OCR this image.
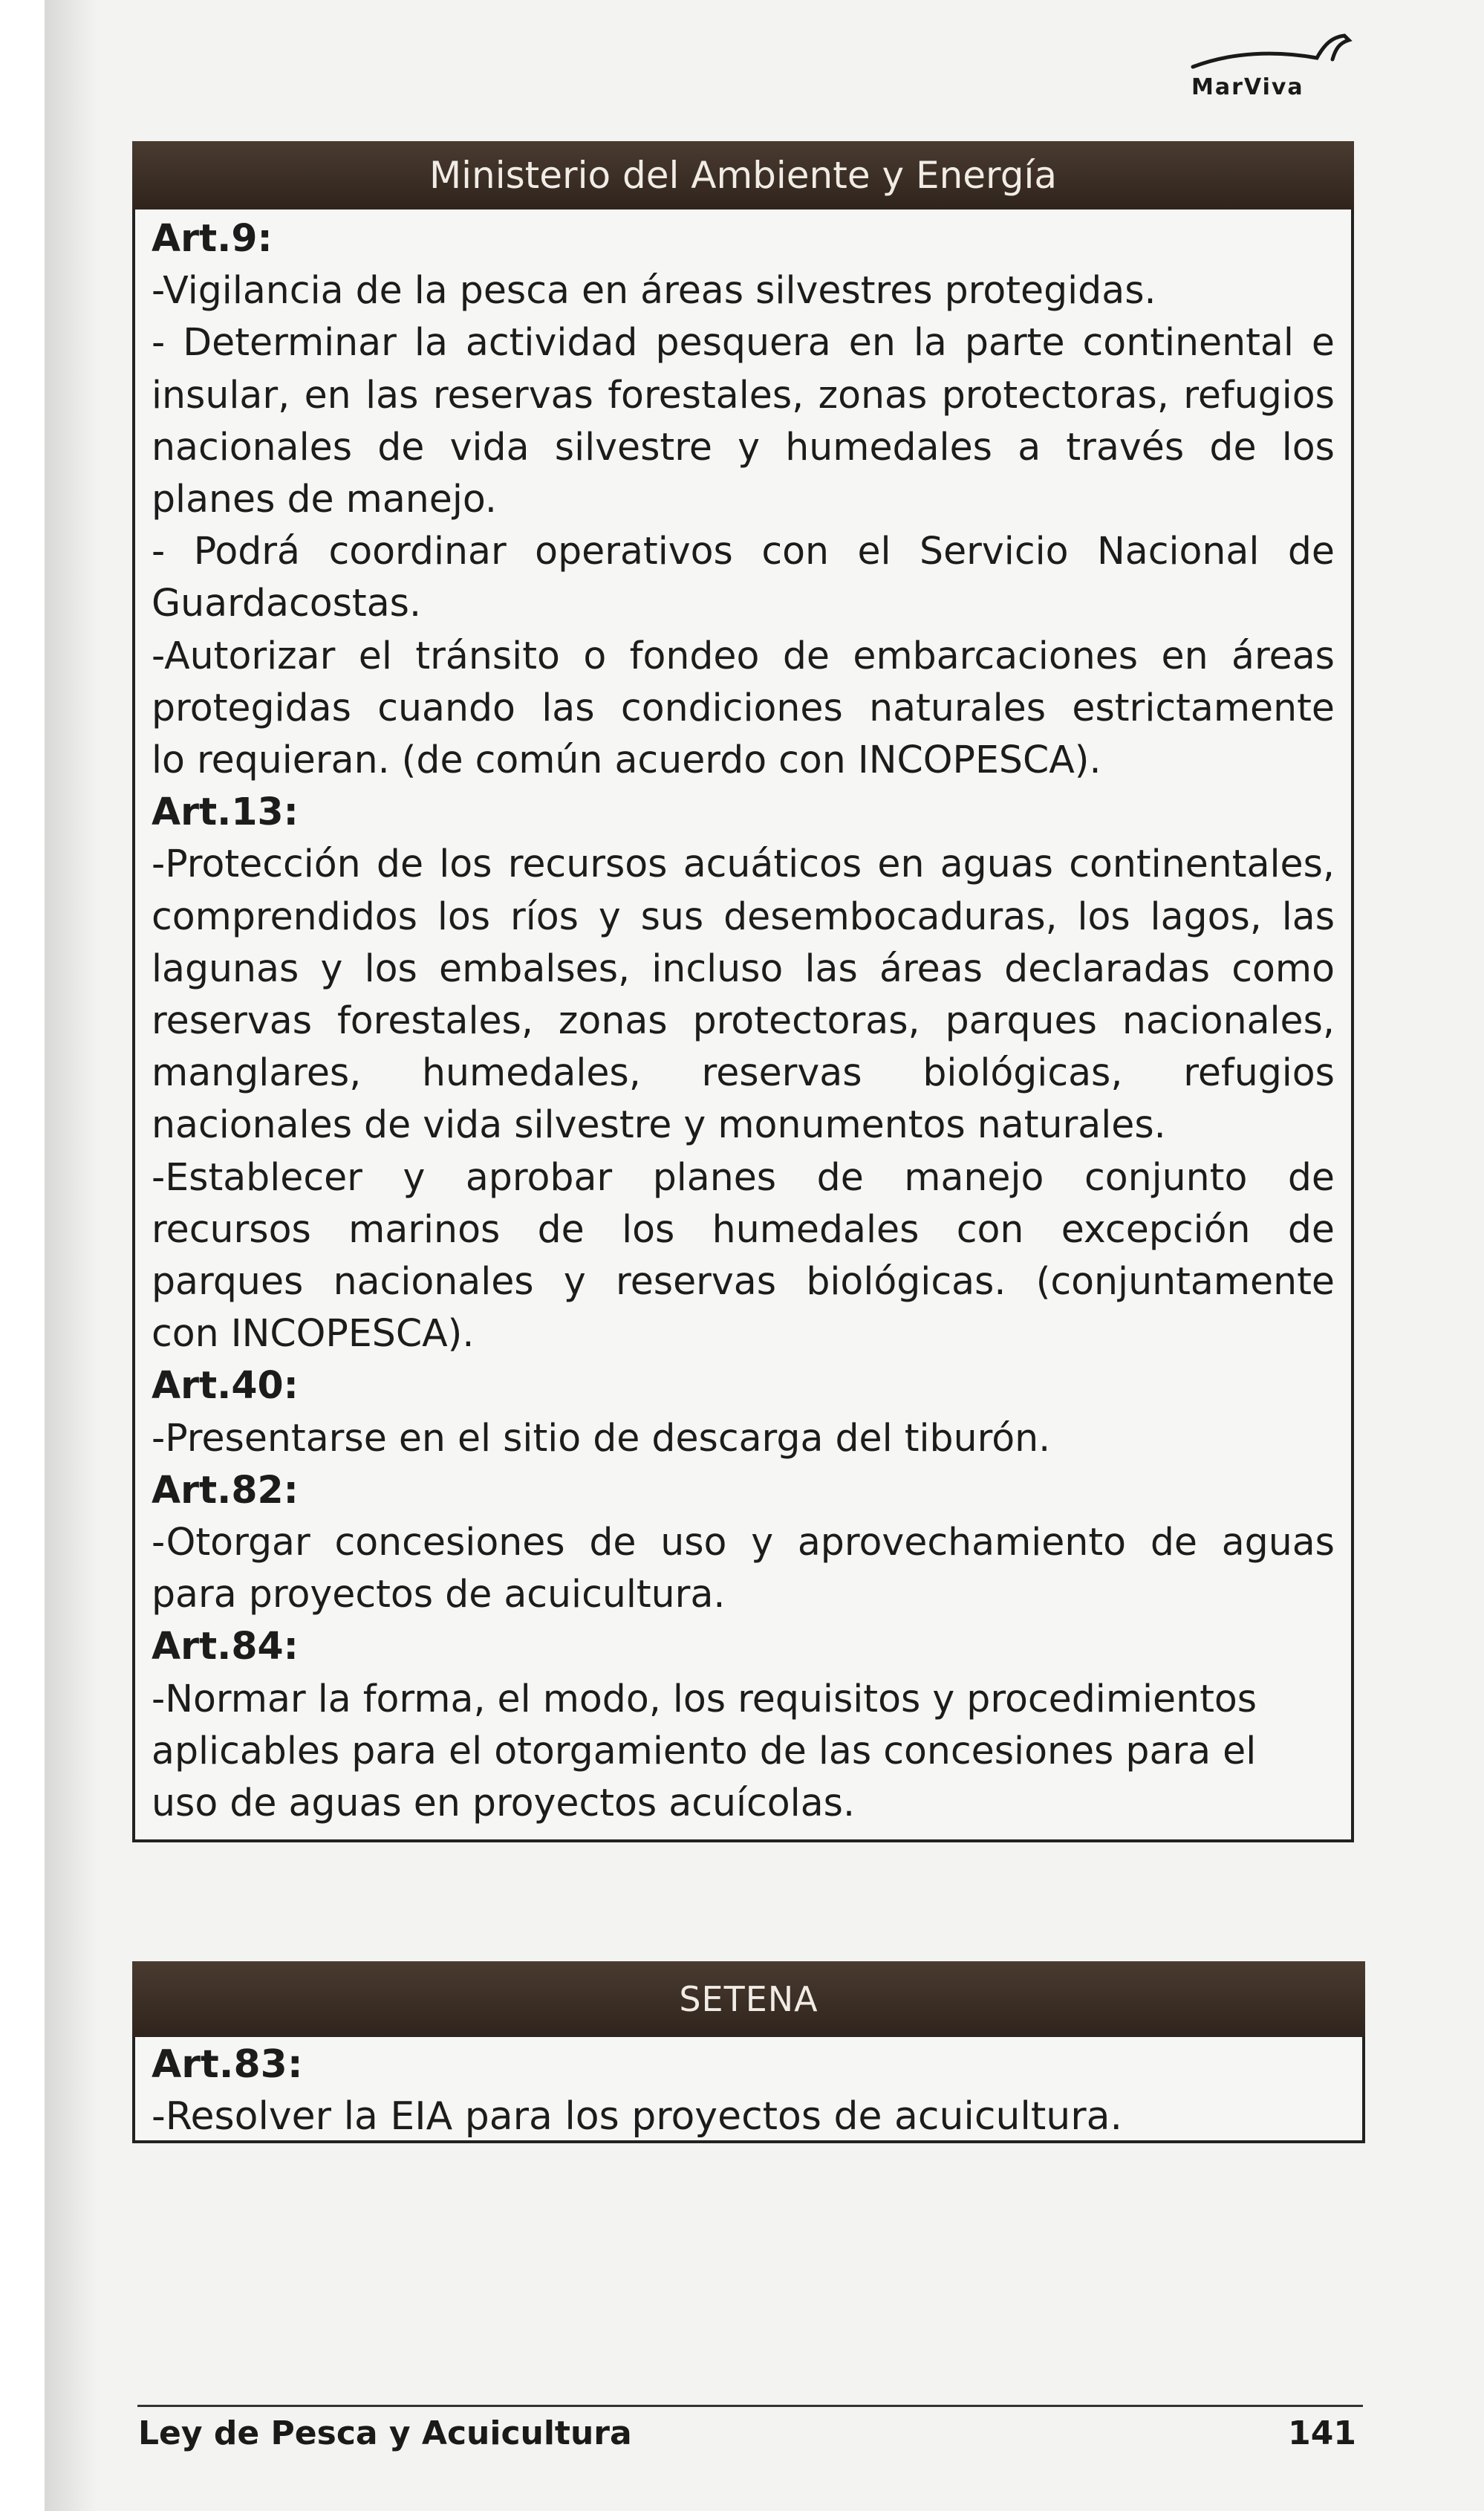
MarViva
Ministerio del Ambiente y Energía

Art.9:

-Vigilancia de la pesca en áreas silvestres protegidas.

- Determinar la actividad pesquera en la parte continental e

insular, en las reservas forestales, zonas protectoras, refugios

nacionales de vida silvestre y humedales a través de los

planes de manejo.

- Podrá coordinar operativos con el Servicio Nacional de

Guardacostas.

-Autorizar el tránsito o fondeo de embarcaciones en áreas

protegidas cuando las condiciones naturales estrictamente

lo requieran. (de común acuerdo con INCOPESCA).

Art.13:

-Protección de los recursos acuáticos en aguas continentales,

comprendidos los ríos y sus desembocaduras, los lagos, las

lagunas y los embalses, incluso las áreas declaradas como

reservas forestales, zonas protectoras, parques nacionales,

manglares, humedales, reservas biológicas, refugios

nacionales de vida silvestre y monumentos naturales.

-Establecer y aprobar planes de manejo conjunto de

recursos marinos de los humedales con excepción de

parques nacionales y reservas biológicas. (conjuntamente

con INCOPESCA).

Art.40:

-Presentarse en el sitio de descarga del tiburón.

Art.82:

-Otorgar concesiones de uso y aprovechamiento de aguas

para proyectos de acuicultura.

Art.84:

-Normar la forma, el modo, los requisitos y procedimientos

aplicables para el otorgamiento de las concesiones para el

uso de aguas en proyectos acuícolas.

SETENA

Art.83:

-Resolver la EIA para los proyectos de acuicultura.

Ley de Pesca y Acuicultura	141
